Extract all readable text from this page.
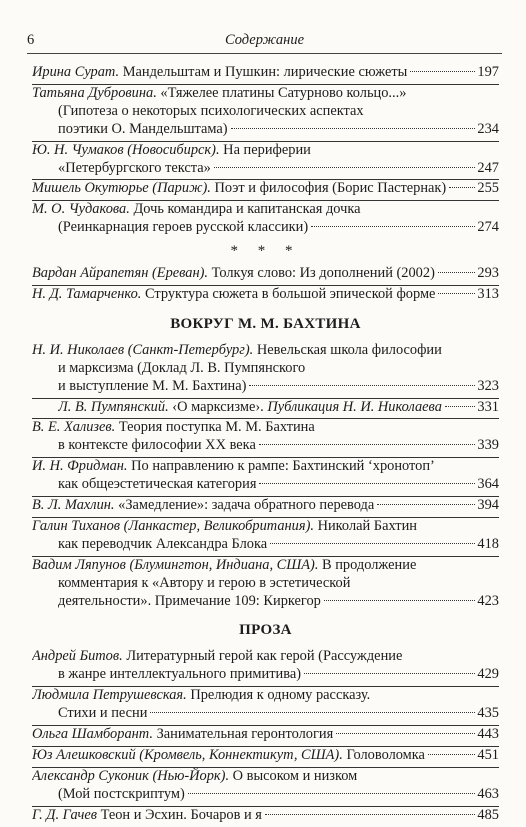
6	Содержание
Ирина Сурат. Мандельштам и Пушкин: лирические сюжеты	197
Татьяна Дубровина. «Тяжелее платины Сатурново кольцо...»
(Гипотеза о некоторых психологических аспектах
поэтики О. Мандельштама)	234
Ю. Н. Чумаков (Новосибирск). На периферии
«Петербургского текста»	247
Мишель Окутюрье (Париж). Поэт и философия (Борис Пастернак) 255
М. О. Чудакова. Дочь командира и капитанская дочка
(Реинкарнация героев русской классики)	274
* * *
Вардан Айрапетян (Ереван). Толкуя слово: Из дополнений (2002)	293
Н. Д. Тамарченко. Структура сюжета в большой эпической форме	313
ВОКРУГ М. М. БАХТИНА
Н. И. Николаев (Санкт-Петербург). Невельская школа философии
и марксизма (Доклад Л. В. Пумпянского
и выступление М. М. Бахтина)	323
Л. В. Пумпянский. ‹О марксизме›. Публикация Н. И. Николаева 331
В. Е. Хализев. Теория поступка М. М. Бахтина
в контексте философии XX века	339
И. Н. Фридман. По направлению к рампе: Бахтинский ‘хронотоп’
как общеэстетическая категория	364
В. Л. Махлин. «Замедление»: задача обратного перевода	394
Галин Тиханов (Ланкастер, Великобритания). Николай Бахтин
как переводчик Александра Блока	418
Вадим Ляпунов (Блумингтон, Индиана, США). В продолжение
комментария к «Автору и герою в эстетической
деятельности». Примечание 109: Киркегор	423
ПРОЗА
Андрей Битов. Литературный герой как герой (Рассуждение
в жанре интеллектуального примитива)	429
Людмила Петрушевская. Прелюдия к одному рассказу.
Стихи и песни	435
Ольга Шамборант. Занимательная геронтология	443
Юз Алешковский (Кромвель, Коннектикут, США). Головоломка	451
Александр Суконик (Нью-Йорк). О высоком и низком
(Мой постскриптум)	463
Г. Д. Гачев Теон и Эсхин. Бочаров и я	485
